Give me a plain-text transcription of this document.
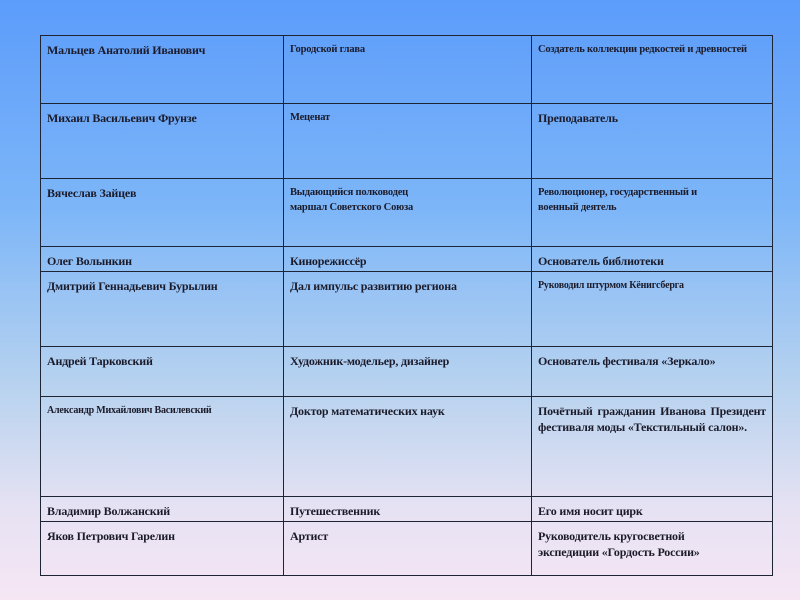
Мальцев Анатолий Иванович	Городской глава	Создатель коллекции редкостей и древностей
Михаил Васильевич Фрунзе	Меценат	Преподаватель
Вячеслав Зайцев	Выдающийся полководец маршал Советского Союза	Революционер, государственный и военный деятель

Олег Волынкин	Кинорежиссёр	Основатель библиотеки
Дмитрий Геннадьевич Бурылин	Дал импульс развитию региона	Руководил штурмом Кёнигсберга
Андрей Тарковский	Художник-модельер, дизайнер	Основатель фестиваля «Зеркало»
Александр Михайлович Василевский	Доктор математических наук	Почётный гражданин Иванова Президент фестиваля моды «Текстильный салон».
Владимир Волжанский	Путешественник	Его имя носит цирк
Яков Петрович Гарелин	Артист	Руководитель кругосветной экспедиции «Гордость России»
